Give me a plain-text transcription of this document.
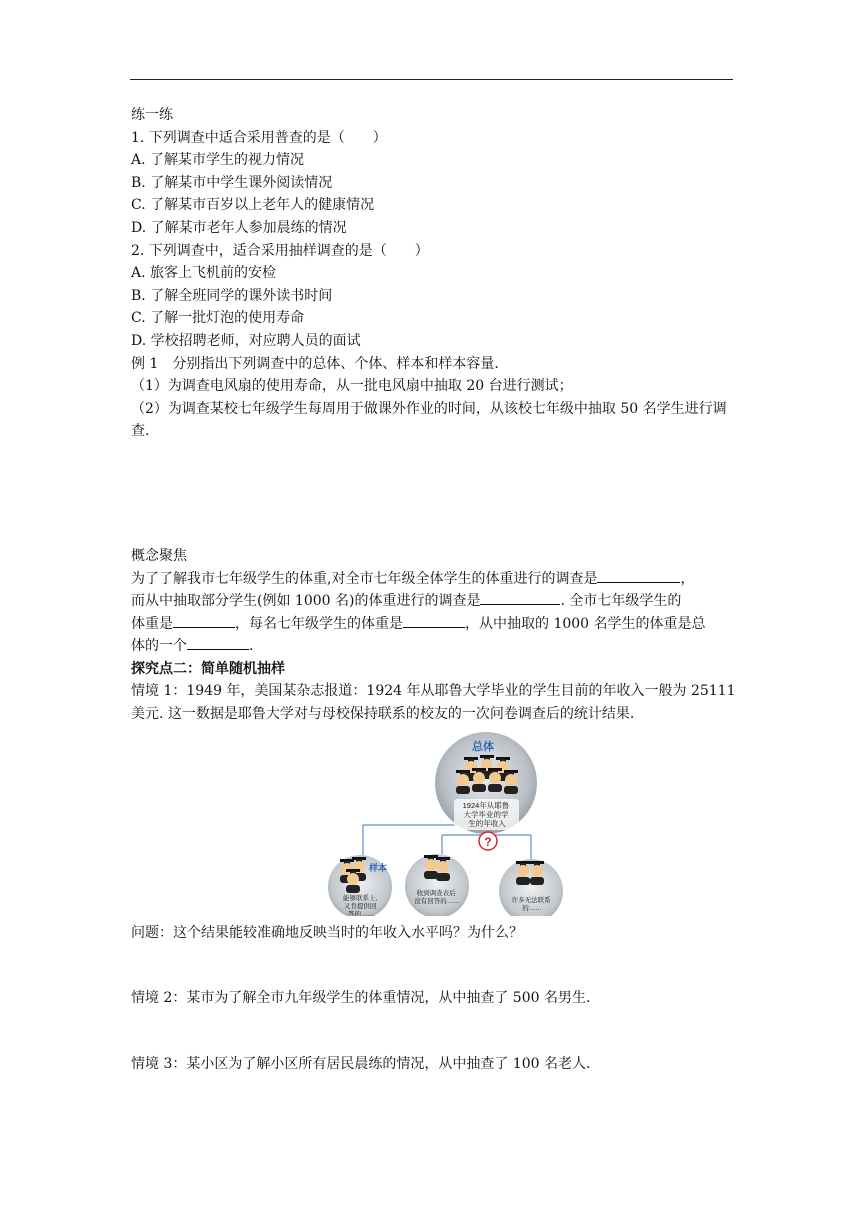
练一练
1. 下列调查中适合采用普查的是（　　）
A. 了解某市学生的视力情况
B. 了解某市中学生课外阅读情况
C. 了解某市百岁以上老年人的健康情况
D. 了解某市老年人参加晨练的情况
2. 下列调查中，适合采用抽样调查的是（　　）
A. 旅客上飞机前的安检
B. 了解全班同学的课外读书时间
C. 了解一批灯泡的使用寿命
D. 学校招聘老师，对应聘人员的面试
例 1　分别指出下列调查中的总体、个体、样本和样本容量.
（1）为调查电风扇的使用寿命，从一批电风扇中抽取 20 台进行测试；
（2）为调查某校七年级学生每周用于做课外作业的时间，从该校七年级中抽取 50 名学生进行调查.
概念聚焦
为了了解我市七年级学生的体重,对全市七年级全体学生的体重进行的调查是	，
而从中抽取部分学生(例如 1000 名)的体重进行的调查是	. 全市七年级学生的
体重是	，每名七年级学生的体重是	，从中抽取的 1000 名学生的体重是总
体的一个	.
探究点二：简单随机抽样
情境 1：1949 年，美国某杂志报道：1924 年从耶鲁大学毕业的学生目前的年收入一般为 25111 美元. 这一数据是耶鲁大学对与母校保持联系的校友的一次问卷调查后的统计结果.
总体
1924年从耶鲁 大学毕业的学 生的年收入
?
样本
能够联系上, 又肯提供回 答的……
收到调查表后 没有回答的……	许多无法联系 的……
问题：这个结果能较准确地反映当时的年收入水平吗？为什么？
情境 2：某市为了解全市九年级学生的体重情况，从中抽查了 500 名男生.
情境 3：某小区为了解小区所有居民晨练的情况，从中抽查了 100 名老人.
